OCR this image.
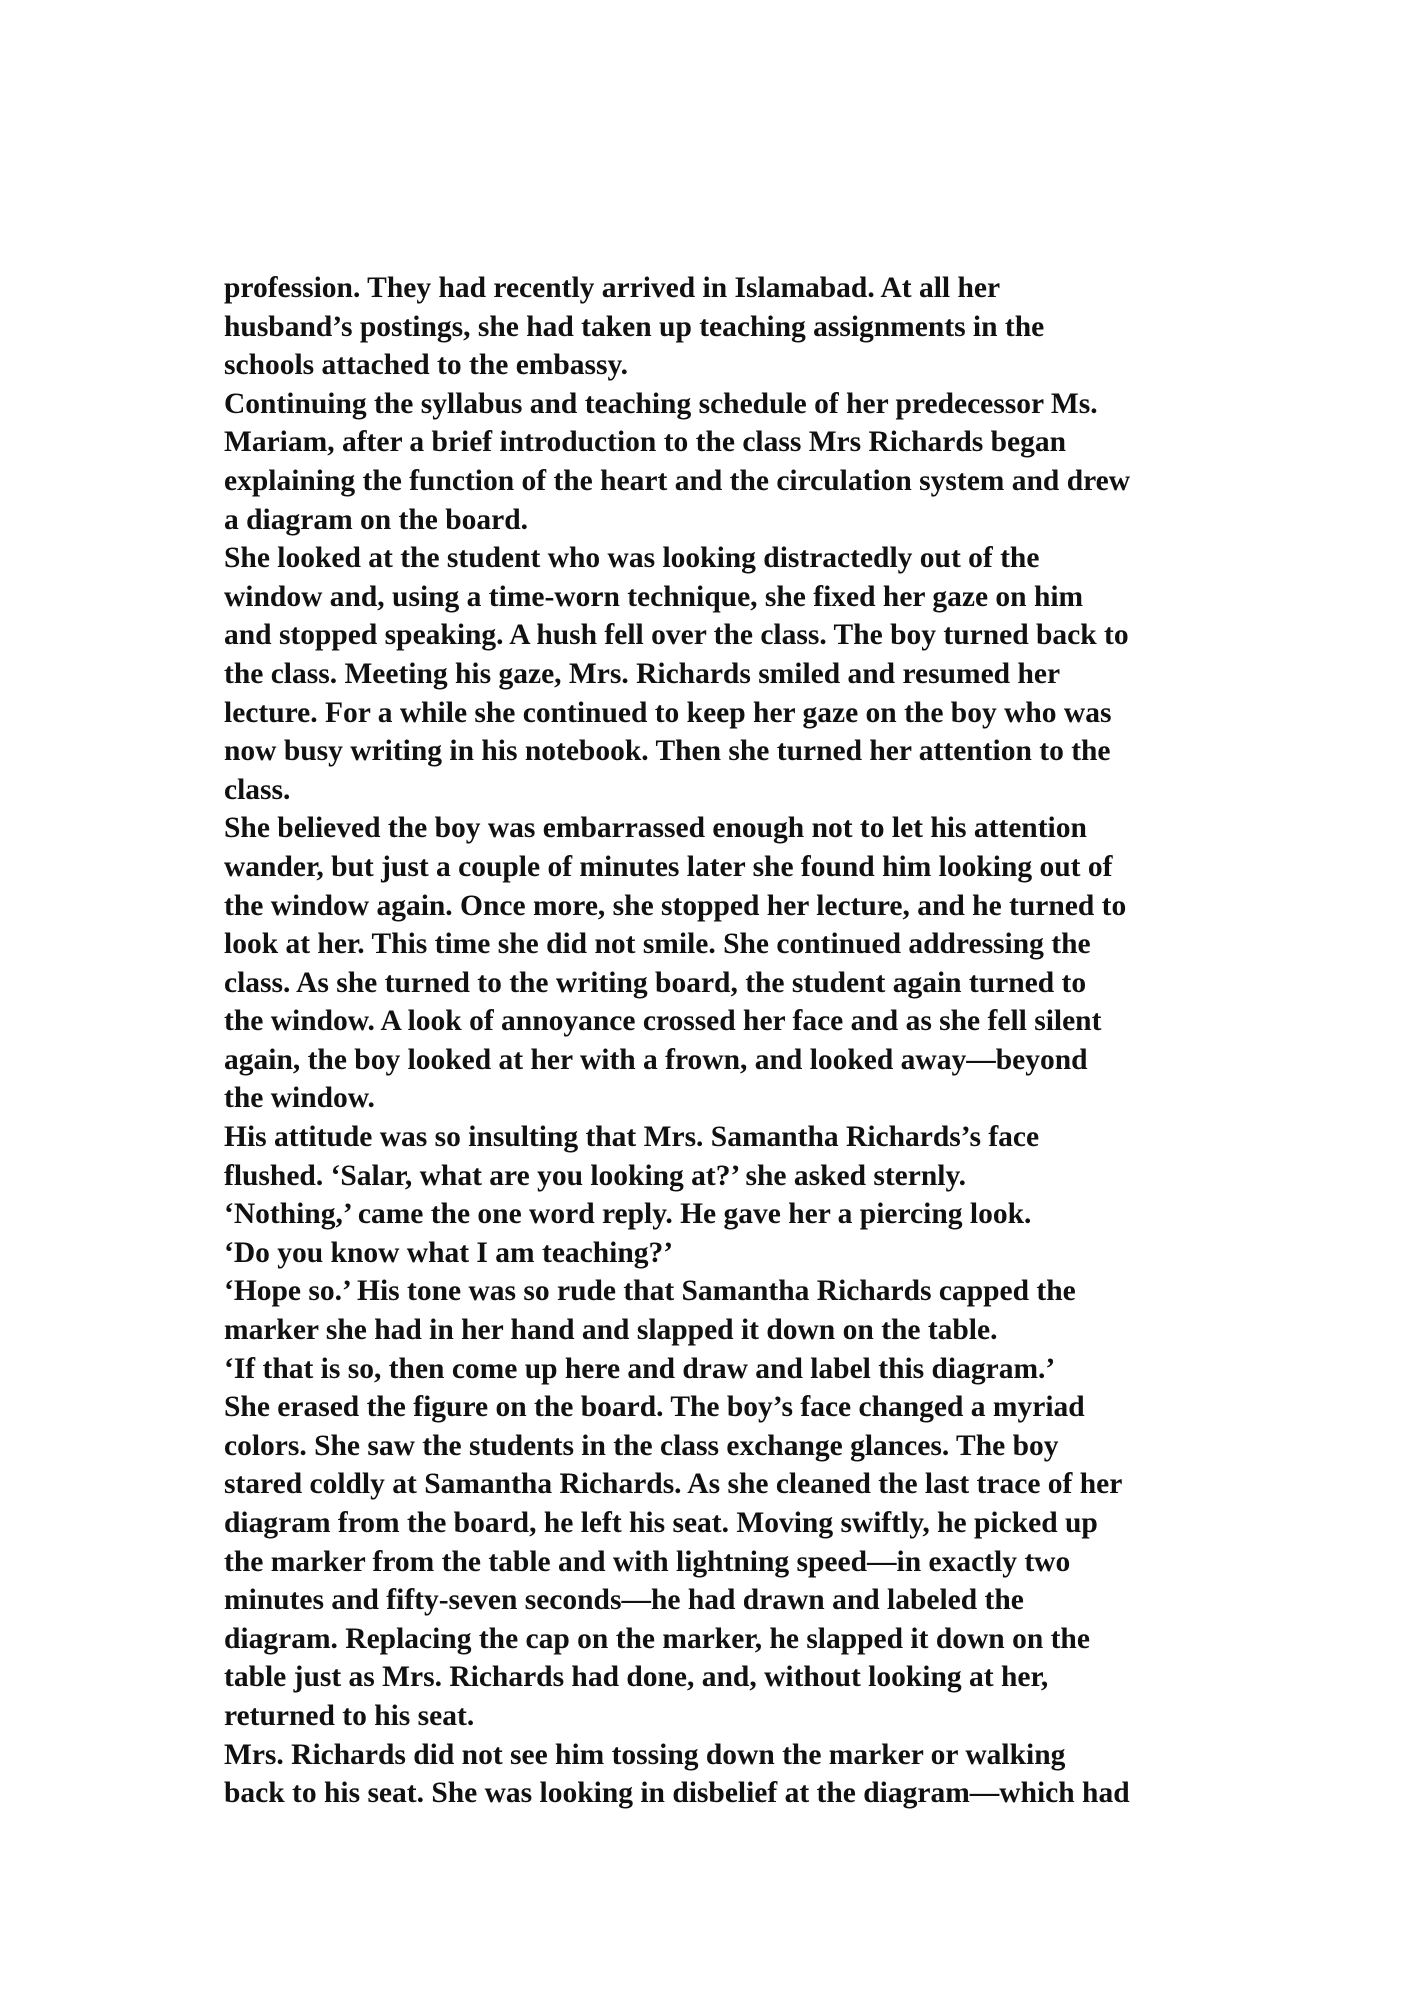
profession. They had recently arrived in Islamabad. At all her
husband’s postings, she had taken up teaching assignments in the
schools attached to the embassy.
Continuing the syllabus and teaching schedule of her predecessor Ms.
Mariam, after a brief introduction to the class Mrs Richards began
explaining the function of the heart and the circulation system and drew
a diagram on the board.
She looked at the student who was looking distractedly out of the
window and, using a time-worn technique, she fixed her gaze on him
and stopped speaking. A hush fell over the class. The boy turned back to
the class. Meeting his gaze, Mrs. Richards smiled and resumed her
lecture. For a while she continued to keep her gaze on the boy who was
now busy writing in his notebook. Then she turned her attention to the
class.
She believed the boy was embarrassed enough not to let his attention
wander, but just a couple of minutes later she found him looking out of
the window again. Once more, she stopped her lecture, and he turned to
look at her. This time she did not smile. She continued addressing the
class. As she turned to the writing board, the student again turned to
the window. A look of annoyance crossed her face and as she fell silent
again, the boy looked at her with a frown, and looked away—beyond
the window.
His attitude was so insulting that Mrs. Samantha Richards’s face
flushed. ‘Salar, what are you looking at?’ she asked sternly.
‘Nothing,’ came the one word reply. He gave her a piercing look.
‘Do you know what I am teaching?’
‘Hope so.’ His tone was so rude that Samantha Richards capped the
marker she had in her hand and slapped it down on the table.
‘If that is so, then come up here and draw and label this diagram.’
She erased the figure on the board. The boy’s face changed a myriad
colors. She saw the students in the class exchange glances. The boy
stared coldly at Samantha Richards. As she cleaned the last trace of her
diagram from the board, he left his seat. Moving swiftly, he picked up
the marker from the table and with lightning speed—in exactly two
minutes and fifty-seven seconds—he had drawn and labeled the
diagram. Replacing the cap on the marker, he slapped it down on the
table just as Mrs. Richards had done, and, without looking at her,
returned to his seat.
Mrs. Richards did not see him tossing down the marker or walking
back to his seat. She was looking in disbelief at the diagram—which had
